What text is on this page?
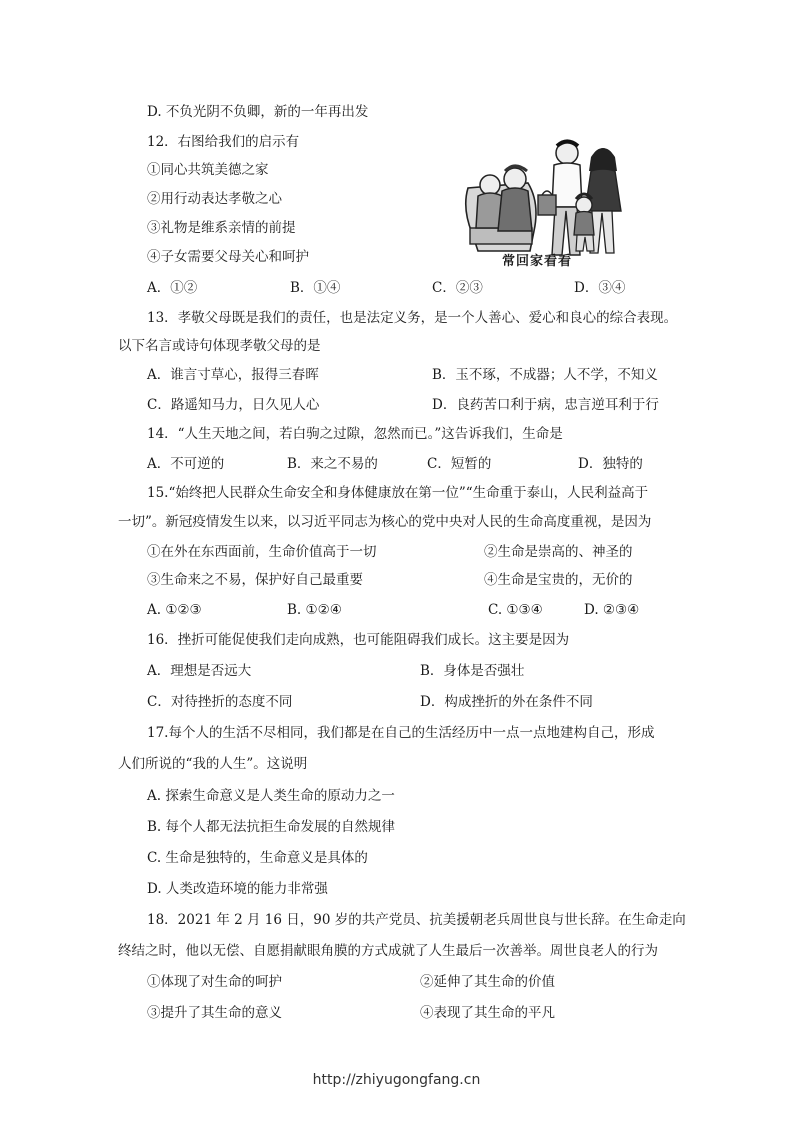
D. 不负光阴不负卿，新的一年再出发
12．右图给我们的启示有
①同心共筑美德之家
②用行动表达孝敬之心
③礼物是维系亲情的前提
④子女需要父母关心和呵护
A．①②	B．①④	C．②③	D．③④
常回家看看
13．孝敬父母既是我们的责任，也是法定义务，是一个人善心、爱心和良心的综合表现。
以下名言或诗句体现孝敬父母的是
A．谁言寸草心，报得三春晖	B．玉不琢，不成器；人不学，不知义
C．路遥知马力，日久见人心	D．良药苦口利于病，忠言逆耳利于行
14．“人生天地之间，若白驹之过隙，忽然而已。”这告诉我们，生命是
A．不可逆的	B．来之不易的	C．短暂的	D．独特的
15.“始终把人民群众生命安全和身体健康放在第一位”“生命重于泰山，人民利益高于
一切”。新冠疫情发生以来，以习近平同志为核心的党中央对人民的生命高度重视，是因为
①在外在东西面前，生命价值高于一切	②生命是崇高的、神圣的
③生命来之不易，保护好自己最重要	④生命是宝贵的，无价的
A. ①②③	B. ①②④	C. ①③④	D. ②③④
16．挫折可能促使我们走向成熟，也可能阻碍我们成长。这主要是因为
A．理想是否远大	B．身体是否强壮
C．对待挫折的态度不同	D．构成挫折的外在条件不同
17.每个人的生活不尽相同，我们都是在自己的生活经历中一点一点地建构自己，形成
人们所说的“我的人生”。这说明
A. 探索生命意义是人类生命的原动力之一
B. 每个人都无法抗拒生命发展的自然规律
C. 生命是独特的，生命意义是具体的
D. 人类改造环境的能力非常强
18．2021 年 2 月 16 日，90 岁的共产党员、抗美援朝老兵周世良与世长辞。在生命走向
终结之时，他以无偿、自愿捐献眼角膜的方式成就了人生最后一次善举。周世良老人的行为
①体现了对生命的呵护	②延伸了其生命的价值
③提升了其生命的意义	④表现了其生命的平凡
http://zhiyugongfang.cn
